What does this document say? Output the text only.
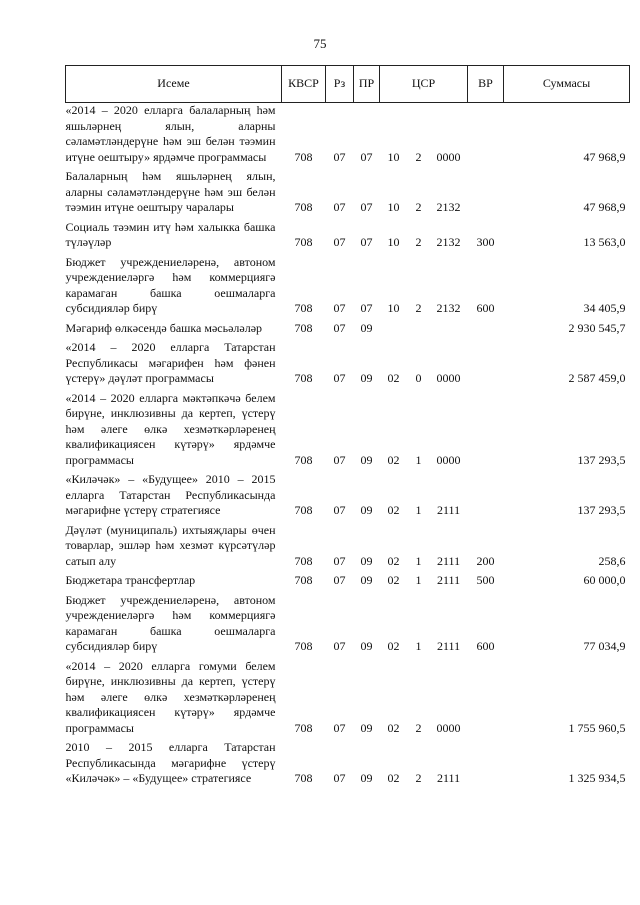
75
Исеме	КВСР	Рз	ПР	ЦСР			ВР	Суммасы
«2014 – 2020 елларга балаларның һәм яшьләрнең ялын, аларны сәламәтләндерүне һәм эш белән тәэмин итүне оештыру» ярдәмче программасы	708	07	07	10	2	0000		47 968,9
Балаларның һәм яшьләрнең ялын, аларны сәламәтләндерүне һәм эш белән тәэмин итүне оештыру чаралары	708	07	07	10	2	2132		47 968,9
Социаль тәэмин итү һәм халыкка башка түләүләр	708	07	07	10	2	2132	300	13 563,0
Бюджет учреждениеләренә, автоном учреждениеләргә һәм коммерциягә карамаган башка оешмаларга субсидияләр бирү	708	07	07	10	2	2132	600	34 405,9
Мәгариф өлкәсендә башка мәсьәләләр	708	07	09					2 930 545,7
«2014 – 2020 елларга Татарстан Республикасы мәгарифен һәм фәнен үстерү» дәүләт программасы	708	07	09	02	0	0000		2 587 459,0
«2014 – 2020 елларга мәктәпкәчә белем бирүне, инклюзивны да кертеп, үстерү һәм әлеге өлкә хезмәткәрләренең квалификациясен күтәрү» ярдәмче программасы	708	07	09	02	1	0000		137 293,5
«Киләчәк» – «Будущее» 2010 – 2015 елларга Татарстан Республикасында мәгарифне үстерү стратегиясе	708	07	09	02	1	2111		137 293,5
Дәүләт (муниципаль) ихтыяҗлары өчен товарлар, эшләр һәм хезмәт күрсәтүләр сатып алу	708	07	09	02	1	2111	200	258,6
Бюджетара трансфертлар	708	07	09	02	1	2111	500	60 000,0
Бюджет учреждениеләренә, автоном учреждениеләргә һәм коммерциягә карамаган башка оешмаларга субсидияләр бирү	708	07	09	02	1	2111	600	77 034,9
«2014 – 2020 елларга гомуми белем бирүне, инклюзивны да кертеп, үстерү һәм әлеге өлкә хезмәткәрләренең квалификациясен күтәрү» ярдәмче программасы	708	07	09	02	2	0000		1 755 960,5
2010 – 2015 елларга Татарстан Республикасында мәгарифне үстерү «Киләчәк» – «Будущее» стратегиясе	708	07	09	02	2	2111		1 325 934,5
